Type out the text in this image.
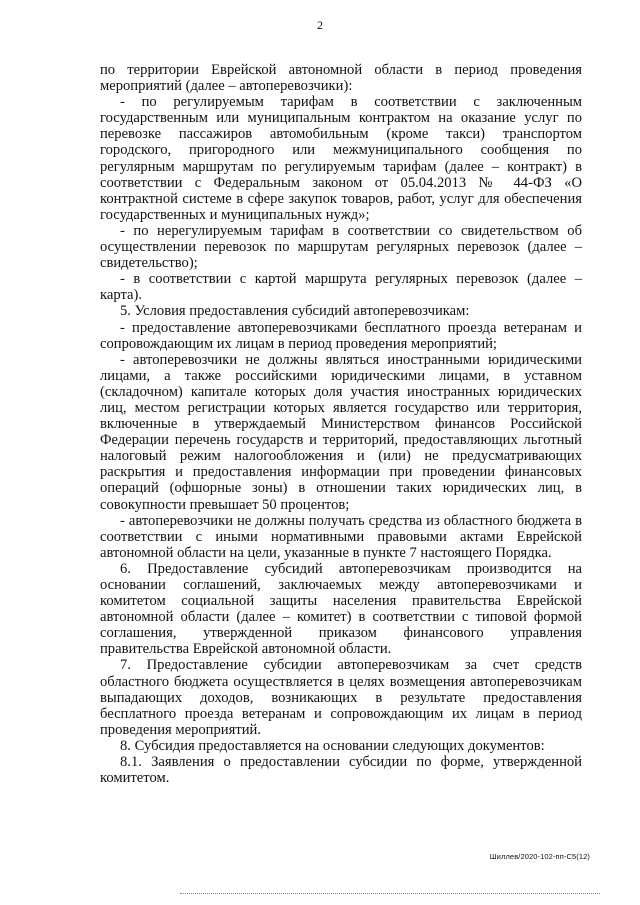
2

по территории Еврейской автономной области в период проведения мероприятий (далее – автоперевозчики):

- по регулируемым тарифам в соответствии с заключенным государственным или муниципальным контрактом на оказание услуг по перевозке пассажиров автомобильным (кроме такси) транспортом городского, пригородного или межмуниципального сообщения по регулярным маршрутам по регулируемым тарифам (далее – контракт) в соответствии с Федеральным законом от 05.04.2013 № 44-ФЗ «О контрактной системе в сфере закупок товаров, работ, услуг для обеспечения государственных и муниципальных нужд»;

- по нерегулируемым тарифам в соответствии со свидетельством об осуществлении перевозок по маршрутам регулярных перевозок (далее – свидетельство);

- в соответствии с картой маршрута регулярных перевозок (далее – карта).

5. Условия предоставления субсидий автоперевозчикам:

- предоставление автоперевозчиками бесплатного проезда ветеранам и сопровождающим их лицам в период проведения мероприятий;

- автоперевозчики не должны являться иностранными юридическими лицами, а также российскими юридическими лицами, в уставном (складочном) капитале которых доля участия иностранных юридических лиц, местом регистрации которых является государство или территория, включенные в утверждаемый Министерством финансов Российской Федерации перечень государств и территорий, предоставляющих льготный налоговый режим налогообложения и (или) не предусматривающих раскрытия и предоставления информации при проведении финансовых операций (офшорные зоны) в отношении таких юридических лиц, в совокупности превышает 50 процентов;

- автоперевозчики не должны получать средства из областного бюджета в соответствии с иными нормативными правовыми актами Еврейской автономной области на цели, указанные в пункте 7 настоящего Порядка.

6. Предоставление субсидий автоперевозчикам производится на основании соглашений, заключаемых между автоперевозчиками и комитетом социальной защиты населения правительства Еврейской автономной области (далее – комитет) в соответствии с типовой формой соглашения, утвержденной приказом финансового управления правительства Еврейской автономной области.

7. Предоставление субсидии автоперевозчикам за счет средств областного бюджета осуществляется в целях возмещения автоперевозчикам выпадающих доходов, возникающих в результате предоставления бесплатного проезда ветеранам и сопровождающим их лицам в период проведения мероприятий.

8. Субсидия предоставляется на основании следующих документов:

8.1. Заявления о предоставлении субсидии по форме, утвержденной комитетом.

Шиллев/2020-102-пп-С5(12)
